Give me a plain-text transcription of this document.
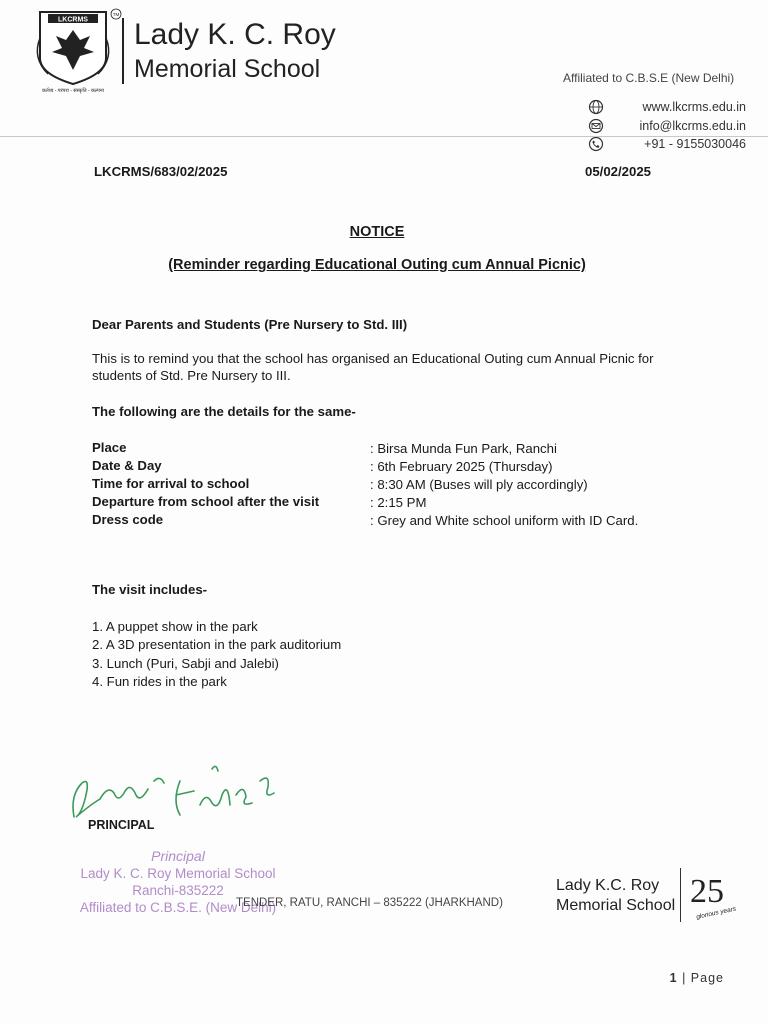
LKCRMS
TM
कर्तव्य - परंपरा - संस्कृति - कल्पना
Lady K. C. Roy
Memorial School	Affiliated to C.B.S.E (New Delhi)
www.lkcrms.edu.in
info@lkcrms.edu.in
+91 - 9155030046
LKCRMS/683/02/2025	05/02/2025
NOTICE
(Reminder regarding Educational Outing cum Annual Picnic)
Dear Parents and Students (Pre Nursery to Std. III)
This is to remind you that the school has organised an Educational Outing cum Annual Picnic for students of Std. Pre Nursery to III.
The following are the details for the same-
Place	: Birsa Munda Fun Park, Ranchi
Date & Day	: 6th February 2025 (Thursday)
Time for arrival to school	: 8:30 AM (Buses will ply accordingly)
Departure from school after the visit	: 2:15 PM
Dress code	: Grey and White school uniform with ID Card.
The visit includes-
1. A puppet show in the park
2. A 3D presentation in the park auditorium
3. Lunch (Puri, Sabji and Jalebi)
4. Fun rides in the park
PRINCIPAL
Principal
Lady K. C. Roy Memorial School
Ranchi-835222
Affiliated to C.B.S.E. (New Delhi)
TENDER, RATU, RANCHI – 835222 (JHARKHAND)
Lady K.C. Roy
Memorial School 25
glorious years
1 | Page
